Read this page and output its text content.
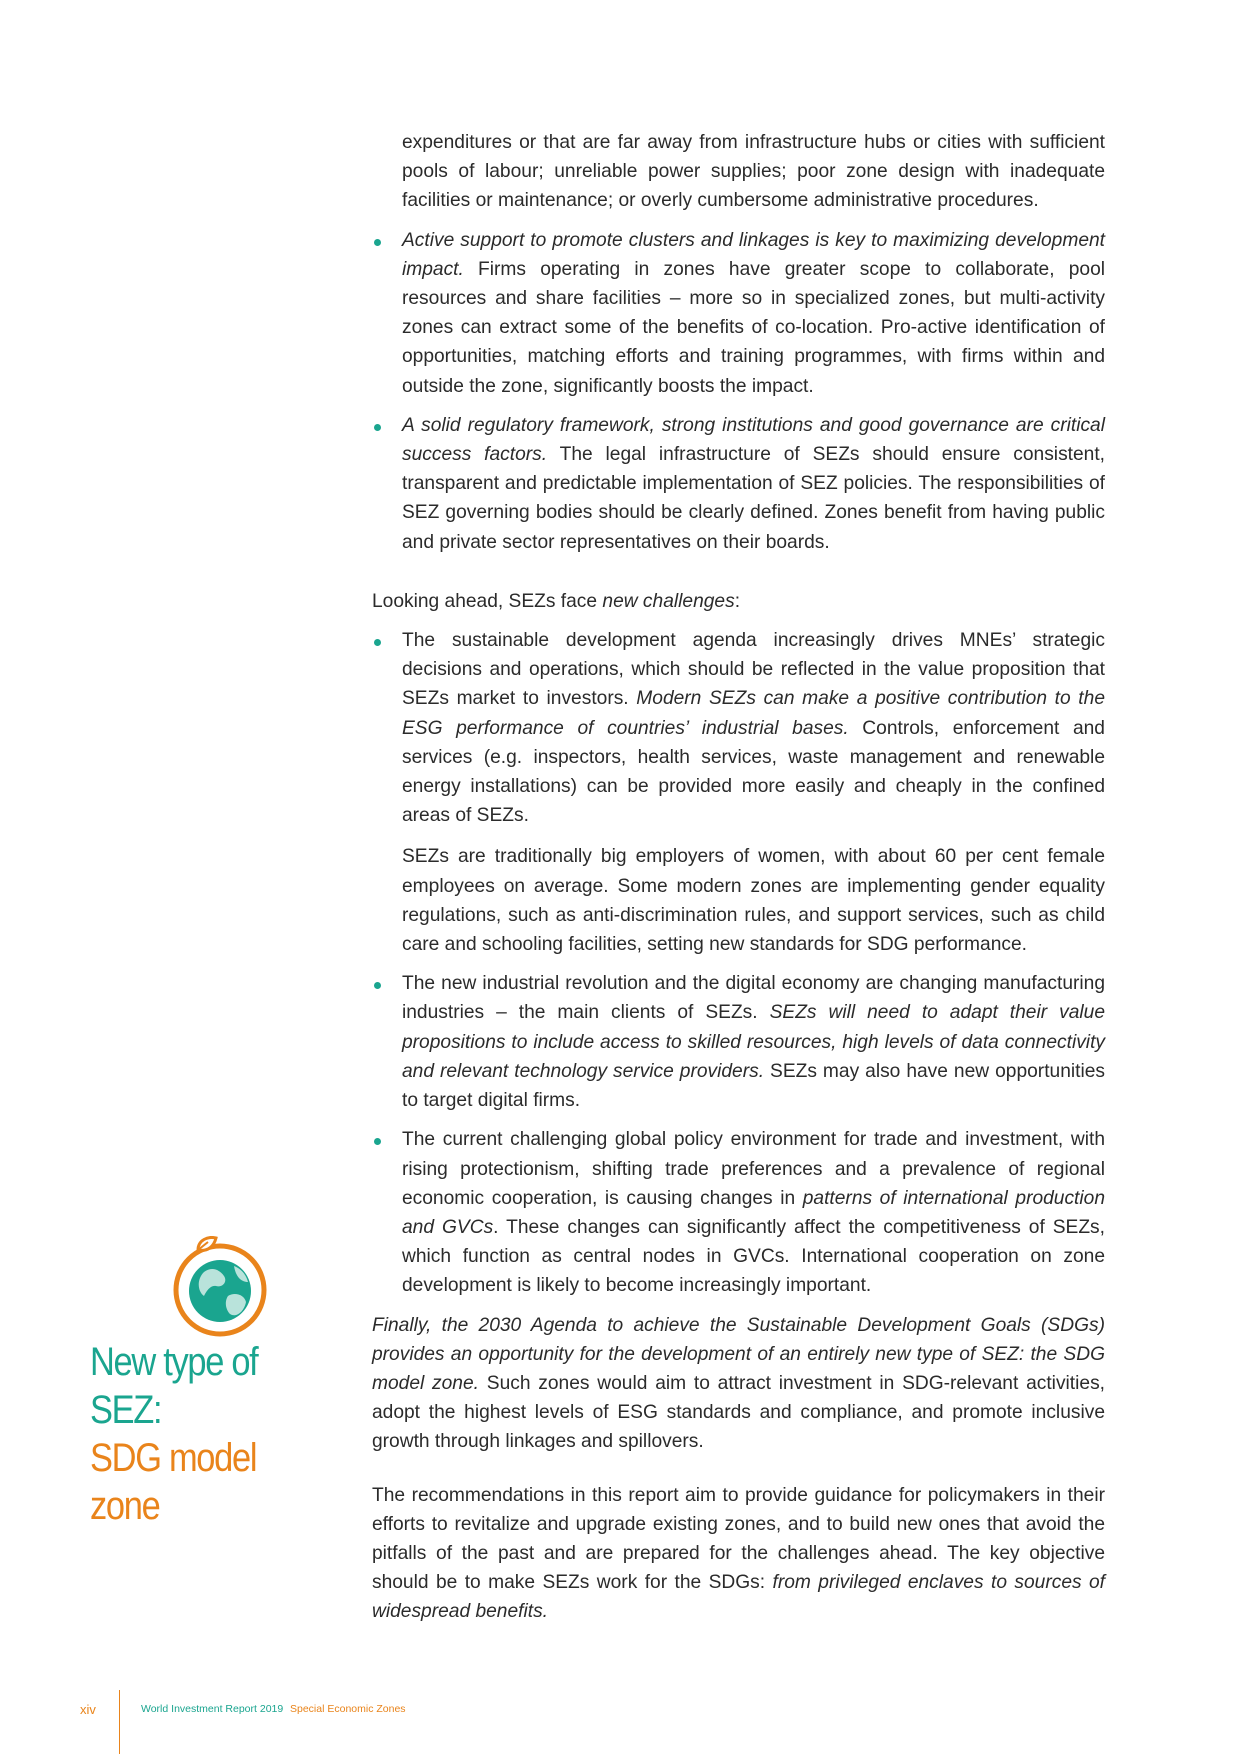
expenditures or that are far away from infrastructure hubs or cities with sufficient pools of labour; unreliable power supplies; poor zone design with inadequate facilities or maintenance; or overly cumbersome administrative procedures.

Active support to promote clusters and linkages is key to maximizing development impact. Firms operating in zones have greater scope to collaborate, pool resources and share facilities – more so in specialized zones, but multi-activity zones can extract some of the benefits of co-location. Pro-active identification of opportunities, matching efforts and training programmes, with firms within and outside the zone, significantly boosts the impact.

A solid regulatory framework, strong institutions and good governance are critical success factors. The legal infrastructure of SEZs should ensure consistent, transparent and predictable implementation of SEZ policies. The responsibilities of SEZ governing bodies should be clearly defined. Zones benefit from having public and private sector representatives on their boards.

Looking ahead, SEZs face new challenges:

The sustainable development agenda increasingly drives MNEs’ strategic decisions and operations, which should be reflected in the value proposition that SEZs market to investors. Modern SEZs can make a positive contribution to the ESG performance of countries’ industrial bases. Controls, enforcement and services (e.g. inspectors, health services, waste management and renewable energy installations) can be provided more easily and cheaply in the confined areas of SEZs.

SEZs are traditionally big employers of women, with about 60 per cent female employees on average. Some modern zones are implementing gender equality regulations, such as anti-discrimination rules, and support services, such as child care and schooling facilities, setting new standards for SDG performance.

The new industrial revolution and the digital economy are changing manufacturing industries – the main clients of SEZs. SEZs will need to adapt their value propositions to include access to skilled resources, high levels of data connectivity and relevant technology service providers. SEZs may also have new opportunities to target digital firms.

The current challenging global policy environment for trade and investment, with rising protectionism, shifting trade preferences and a prevalence of regional economic cooperation, is causing changes in patterns of international production and GVCs. These changes can significantly affect the competitiveness of SEZs, which function as central nodes in GVCs. International cooperation on zone development is likely to become increasingly important.

Finally, the 2030 Agenda to achieve the Sustainable Development Goals (SDGs) provides an opportunity for the development of an entirely new type of SEZ: the SDG model zone. Such zones would aim to attract investment in SDG-relevant activities, adopt the highest levels of ESG standards and compliance, and promote inclusive growth through linkages and spillovers.

The recommendations in this report aim to provide guidance for policymakers in their efforts to revitalize and upgrade existing zones, and to build new ones that avoid the pitfalls of the past and are prepared for the challenges ahead. The key objective should be to make SEZs work for the SDGs: from privileged enclaves to sources of widespread benefits.

New type of SEZ:
SDG model zone
xiv	World Investment Report 2019 Special Economic Zones
